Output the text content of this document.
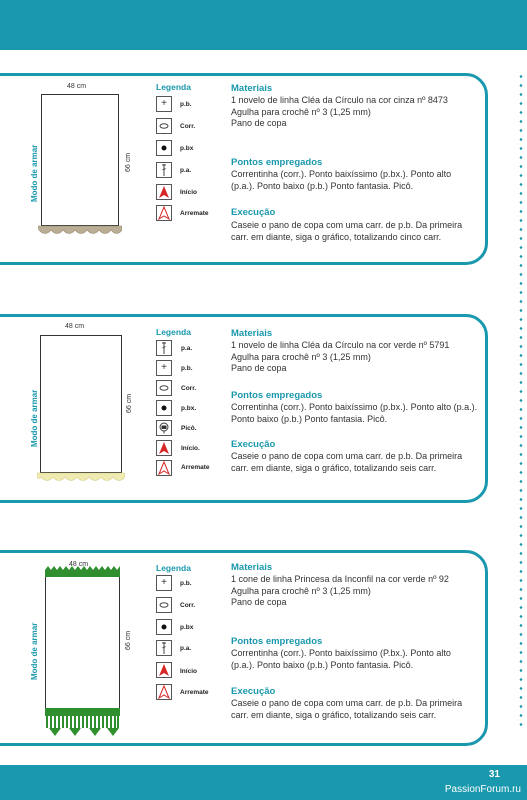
48 cm
66 cm
Modo de armar
Legenda
+	p.b.
Corr.
p.bx
p.a.
Início
Arremate
Materiais
1 novelo de linha Cléa da Círculo na cor cinza nº 8473
Agulha para crochê nº 3 (1,25 mm)
Pano de copa
Pontos empregados
Correntinha (corr.). Ponto baixíssimo (p.bx.). Ponto alto (p.a.). Ponto baixo (p.b.) Ponto fantasia. Picô.
Execução
Caseie o pano de copa com uma carr. de p.b. Da primeira carr. em diante, siga o gráfico, totalizando cinco carr.
48 cm
66 cm
Modo de armar
Legenda
p.a.
+	p.b.
Corr.
p.bx.
Picô.
Início.
Arremate
Materiais
1 novelo de linha Cléa da Círculo na cor verde nº 5791
Agulha para crochê nº 3 (1,25 mm)
Pano de copa
Pontos empregados
Correntinha (corr.). Ponto baixíssimo (p.bx.). Ponto alto (p.a.). Ponto baixo (p.b.) Ponto fantasia. Picô.
Execução
Caseie o pano de copa com uma carr. de p.b. Da primeira carr. em diante, siga o gráfico, totalizando seis carr.
48 cm
66 cm
Modo de armar
Legenda
+	p.b.
Corr.
p.bx
p.a.
Início
Arremate
Materiais
1 cone de linha Princesa da Inconfil na cor verde nº 92
Agulha para crochê nº 3 (1,25 mm)
Pano de copa
Pontos empregados
Correntinha (corr.). Ponto baixíssimo (P.bx.). Ponto alto (p.a.). Ponto baixo (p.b.) Ponto fantasia. Picô.
Execução
Caseie o pano de copa com uma carr. de p.b. Da primeira carr. em diante, siga o gráfico, totalizando seis carr.
31
PassionForum.ru
